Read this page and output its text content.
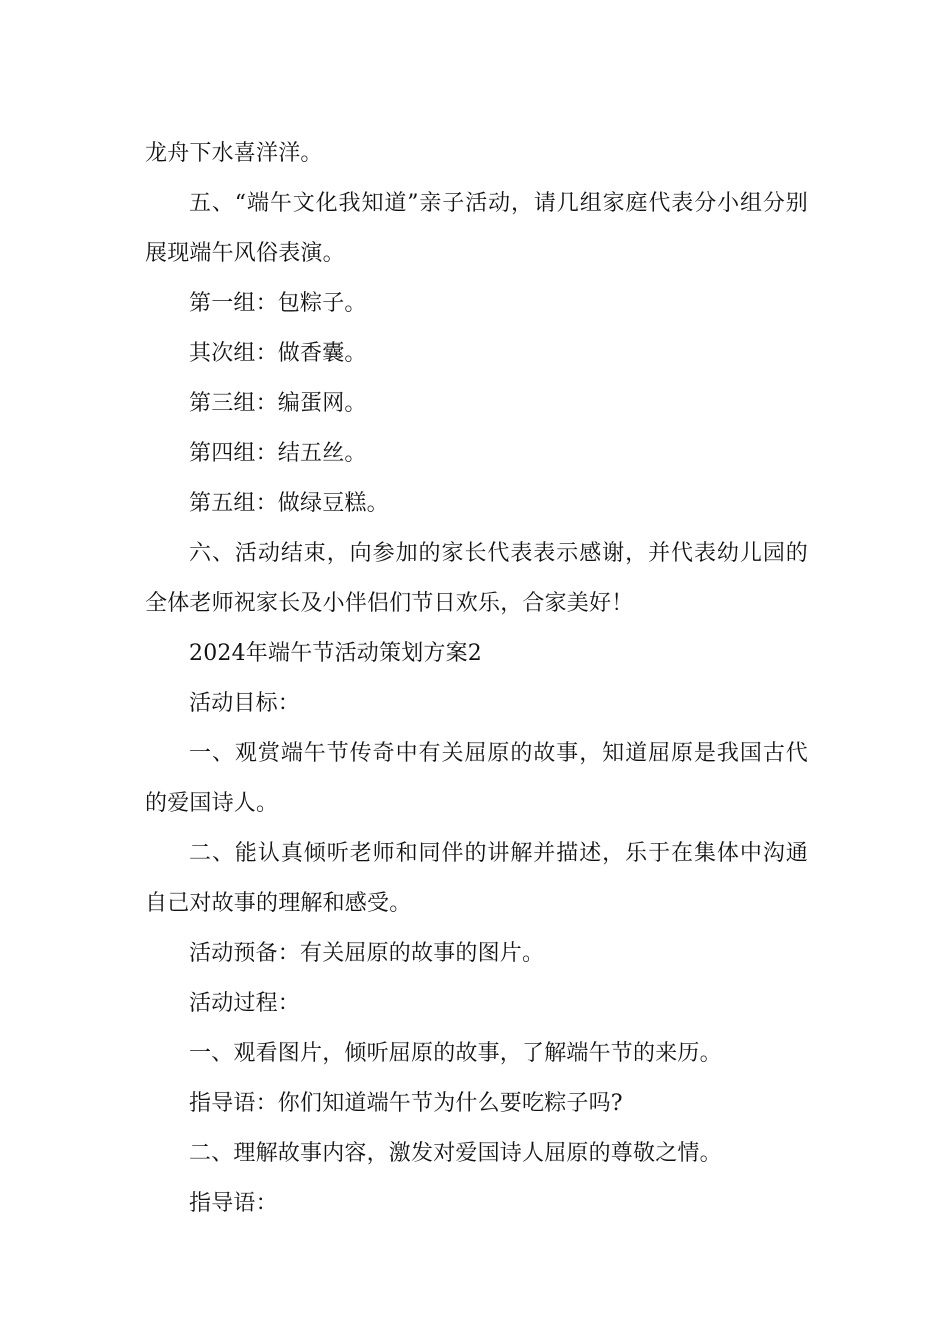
龙舟下水喜洋洋。

五、“端午文化我知道”亲子活动，请几组家庭代表分小组分别展现端午风俗表演。

第一组：包粽子。

其次组：做香囊。

第三组：编蛋网。

第四组：结五丝。

第五组：做绿豆糕。

六、活动结束，向参加的家长代表表示感谢，并代表幼儿园的全体老师祝家长及小伴侣们节日欢乐，合家美好！

2024年端午节活动策划方案2

活动目标：

一、观赏端午节传奇中有关屈原的故事，知道屈原是我国古代的爱国诗人。

二、能认真倾听老师和同伴的讲解并描述，乐于在集体中沟通自己对故事的理解和感受。

活动预备：有关屈原的故事的图片。

活动过程：

一、观看图片，倾听屈原的故事，了解端午节的来历。

指导语：你们知道端午节为什么要吃粽子吗?

二、理解故事内容，激发对爱国诗人屈原的尊敬之情。

指导语：
